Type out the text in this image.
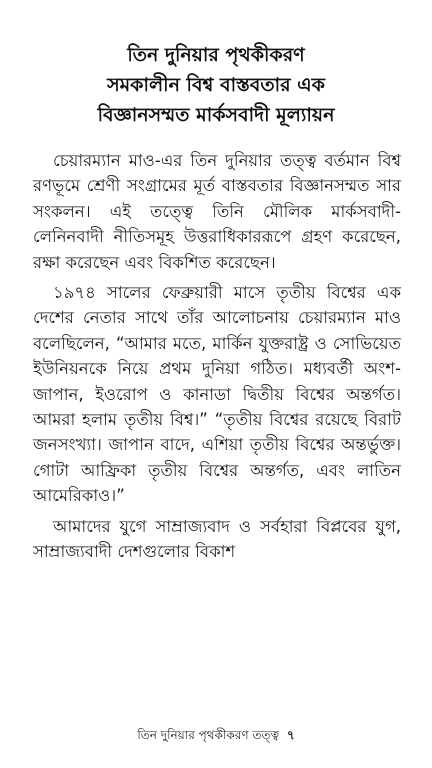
তিন দুনিয়ার পৃথকীকরণ
সমকালীন বিশ্ব বাস্তবতার এক
বিজ্ঞানসম্মত মার্কসবাদী মূল্যায়ন

চেয়ারম্যান মাও-এর তিন দুনিয়ার তত্ত্ব বর্তমান বিশ্ব রণভূমে শ্রেণী সংগ্রামের মূর্ত বাস্তবতার বিজ্ঞানসম্মত সার সংকলন। এই তত্ত্বে তিনি মৌলিক মার্কসবাদী-লেনিনবাদী নীতিসমূহ উত্তরাধিকাররূপে গ্রহণ করেছেন, রক্ষা করেছেন এবং বিকশিত করেছেন।

১৯৭৪ সালের ফেব্রুয়ারী মাসে তৃতীয় বিশ্বের এক দেশের নেতার সাথে তাঁর আলোচনায় চেয়ারম্যান মাও বলেছিলেন, “আমার মতে, মার্কিন যুক্তরাষ্ট্র ও সোভিয়েত ইউনিয়নকে নিয়ে প্রথম দুনিয়া গঠিত। মধ্যবর্তী অংশ-জাপান, ইওরোপ ও কানাডা দ্বিতীয় বিশ্বের অন্তর্গত। আমরা হলাম তৃতীয় বিশ্ব।” “তৃতীয় বিশ্বের রয়েছে বিরাট জনসংখ্যা। জাপান বাদে, এশিয়া তৃতীয় বিশ্বের অন্তর্ভুক্ত। গোটা আফ্রিকা তৃতীয় বিশ্বের অন্তর্গত, এবং লাতিন আমেরিকাও।”

আমাদের যুগে সাম্রাজ্যবাদ ও সর্বহারা বিপ্লবের যুগ, সাম্রাজ্যবাদী দেশগুলোর বিকাশ

তিন দুনিয়ার পৃথকীকরণ তত্ত্ব ৭
